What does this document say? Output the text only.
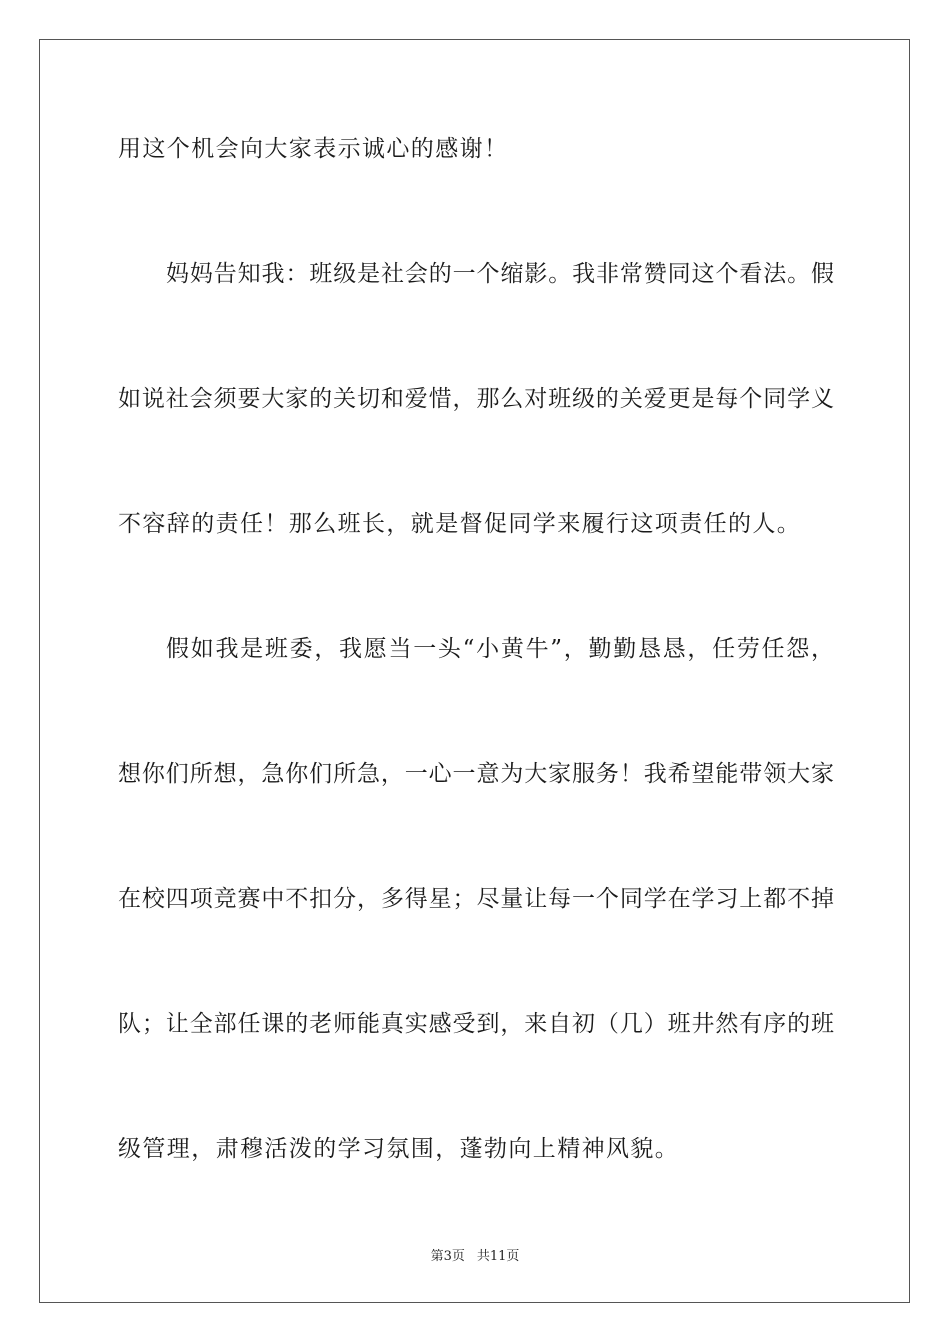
用这个机会向大家表示诚心的感谢！
妈妈告知我：班级是社会的一个缩影。我非常赞同这个看法。假
如说社会须要大家的关切和爱惜，那么对班级的关爱更是每个同学义
不容辞的责任！那么班长，就是督促同学来履行这项责任的人。
假如我是班委，我愿当一头“小黄牛”，勤勤恳恳，任劳任怨，
想你们所想，急你们所急，一心一意为大家服务！我希望能带领大家
在校四项竞赛中不扣分，多得星；尽量让每一个同学在学习上都不掉
队；让全部任课的老师能真实感受到，来自初（几）班井然有序的班
级管理，肃穆活泼的学习氛围，蓬勃向上精神风貌。
第3页 共11页
